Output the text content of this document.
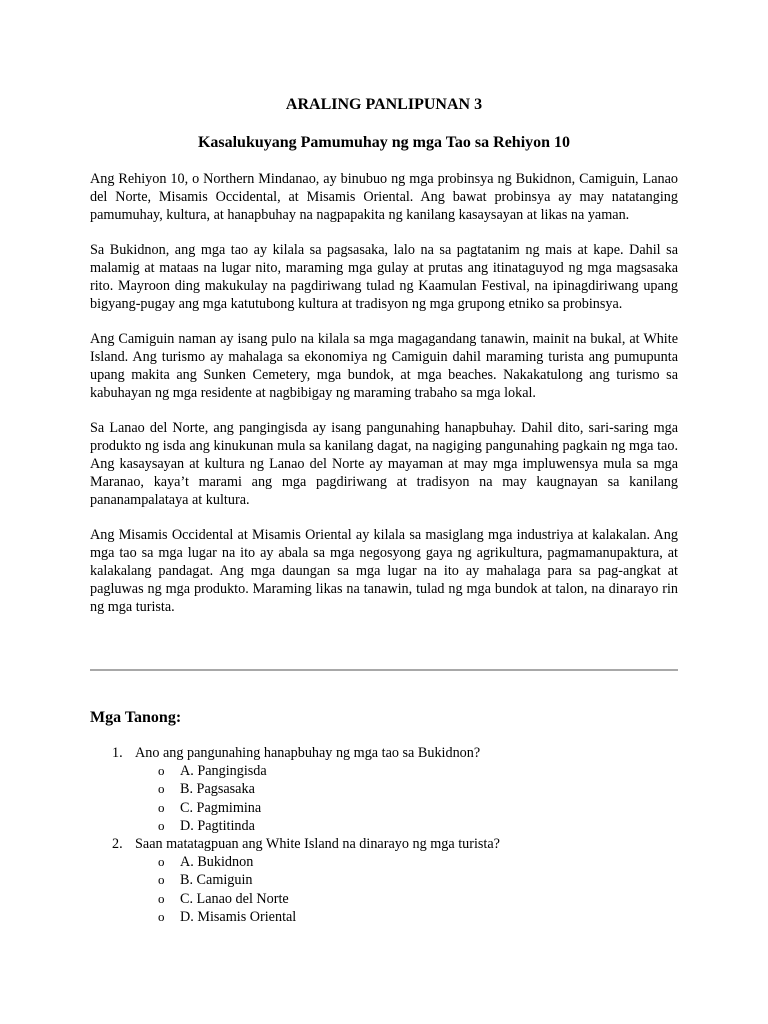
ARALING PANLIPUNAN 3
Kasalukuyang Pamumuhay ng mga Tao sa Rehiyon 10

Ang Rehiyon 10, o Northern Mindanao, ay binubuo ng mga probinsya ng Bukidnon, Camiguin, Lanao del Norte, Misamis Occidental, at Misamis Oriental. Ang bawat probinsya ay may natatanging pamumuhay, kultura, at hanapbuhay na nagpapakita ng kanilang kasaysayan at likas na yaman.

Sa Bukidnon, ang mga tao ay kilala sa pagsasaka, lalo na sa pagtatanim ng mais at kape. Dahil sa malamig at mataas na lugar nito, maraming mga gulay at prutas ang itinataguyod ng mga magsasaka rito. Mayroon ding makukulay na pagdiriwang tulad ng Kaamulan Festival, na ipinagdiriwang upang bigyang-pugay ang mga katutubong kultura at tradisyon ng mga grupong etniko sa probinsya.

Ang Camiguin naman ay isang pulo na kilala sa mga magagandang tanawin, mainit na bukal, at White Island. Ang turismo ay mahalaga sa ekonomiya ng Camiguin dahil maraming turista ang pumupunta upang makita ang Sunken Cemetery, mga bundok, at mga beaches. Nakakatulong ang turismo sa kabuhayan ng mga residente at nagbibigay ng maraming trabaho sa mga lokal.

Sa Lanao del Norte, ang pangingisda ay isang pangunahing hanapbuhay. Dahil dito, sari-saring mga produkto ng isda ang kinukunan mula sa kanilang dagat, na nagiging pangunahing pagkain ng mga tao. Ang kasaysayan at kultura ng Lanao del Norte ay mayaman at may mga impluwensya mula sa mga Maranao, kaya’t marami ang mga pagdiriwang at tradisyon na may kaugnayan sa kanilang pananampalataya at kultura.

Ang Misamis Occidental at Misamis Oriental ay kilala sa masiglang mga industriya at kalakalan. Ang mga tao sa mga lugar na ito ay abala sa mga negosyong gaya ng agrikultura, pagmamanupaktura, at kalakalang pandagat. Ang mga daungan sa mga lugar na ito ay mahalaga para sa pag-angkat at pagluwas ng mga produkto. Maraming likas na tanawin, tulad ng mga bundok at talon, na dinarayo rin ng mga turista.

Mga Tanong:
1. Ano ang pangunahing hanapbuhay ng mga tao sa Bukidnon?
o A. Pangingisda
o B. Pagsasaka
o C. Pagmimina
o D. Pagtitinda
2. Saan matatagpuan ang White Island na dinarayo ng mga turista?
o A. Bukidnon
o B. Camiguin
o C. Lanao del Norte
o D. Misamis Oriental
